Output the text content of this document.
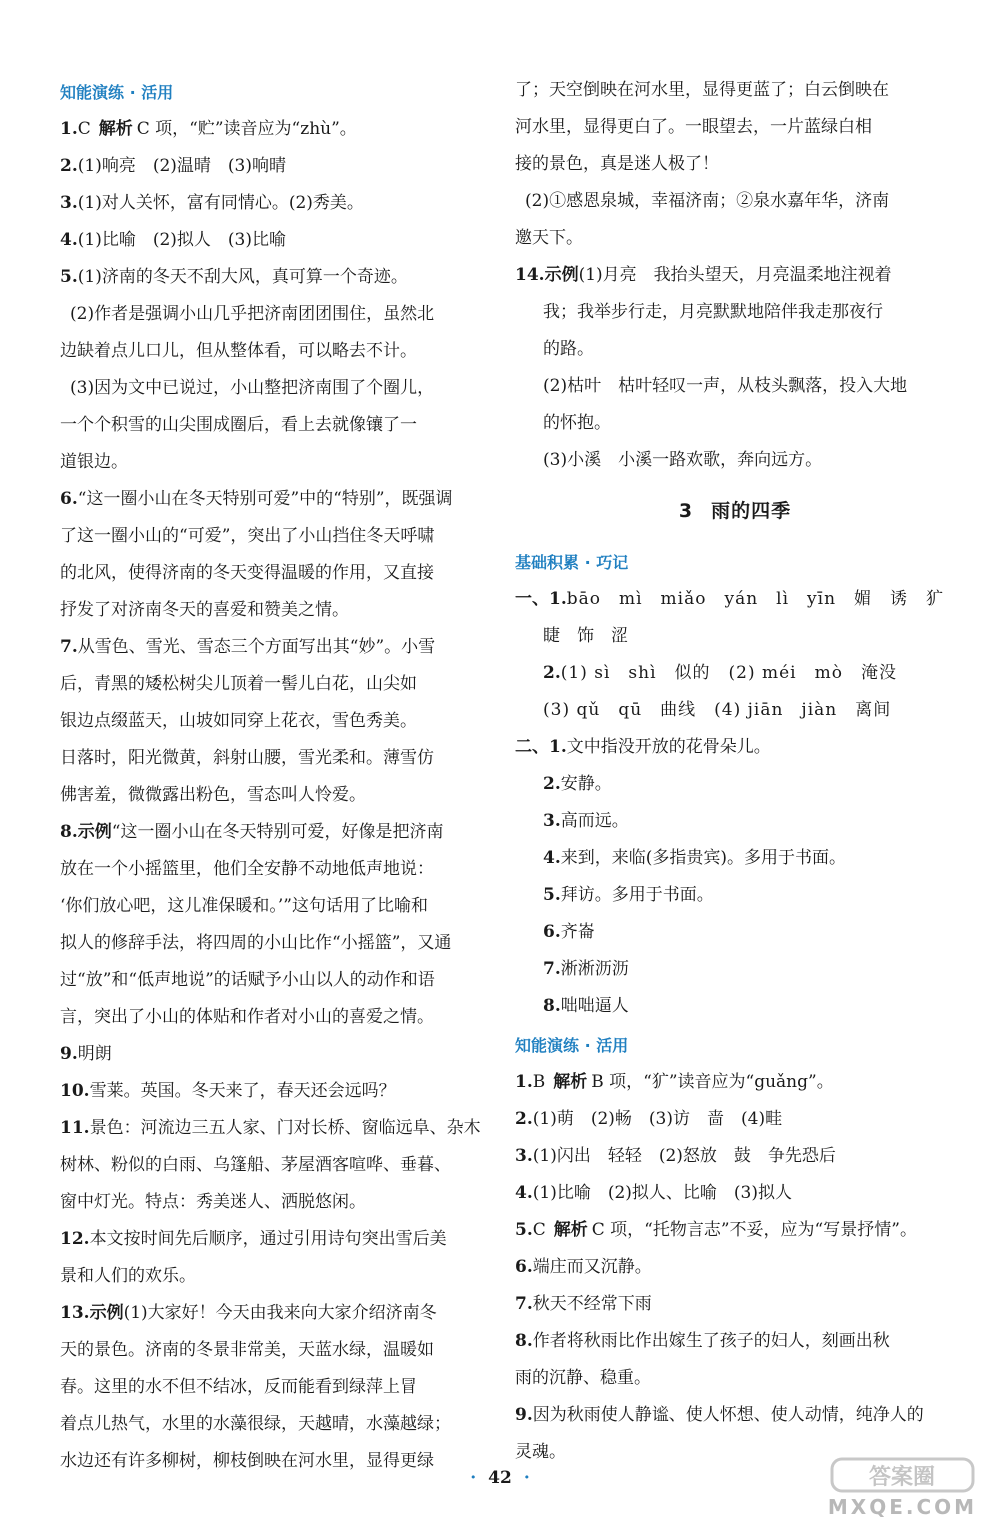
知能演练 · 活用

1.C 解析 C 项，“贮”读音应为“zhù”。

2.(1)响亮　(2)温晴　(3)响晴

3.(1)对人关怀，富有同情心。(2)秀美。

4.(1)比喻　(2)拟人　(3)比喻

5.(1)济南的冬天不刮大风，真可算一个奇迹。

(2)作者是强调小山几乎把济南团团围住，虽然北

边缺着点儿口儿，但从整体看，可以略去不计。

(3)因为文中已说过，小山整把济南围了个圈儿，

一个个积雪的山尖围成圈后，看上去就像镶了一

道银边。

6.“这一圈小山在冬天特别可爱”中的“特别”，既强调

了这一圈小山的“可爱”，突出了小山挡住冬天呼啸

的北风，使得济南的冬天变得温暖的作用，又直接

抒发了对济南冬天的喜爱和赞美之情。

7.从雪色、雪光、雪态三个方面写出其“妙”。小雪

后，青黑的矮松树尖儿顶着一髻儿白花，山尖如

银边点缀蓝天，山坡如同穿上花衣，雪色秀美。

日落时，阳光微黄，斜射山腰，雪光柔和。薄雪仿

佛害羞，微微露出粉色，雪态叫人怜爱。

8.示例“这一圈小山在冬天特别可爱，好像是把济南

放在一个小摇篮里，他们全安静不动地低声地说：

‘你们放心吧，这儿准保暖和。’”这句话用了比喻和

拟人的修辞手法，将四周的小山比作“小摇篮”，又通

过“放”和“低声地说”的话赋予小山以人的动作和语

言，突出了小山的体贴和作者对小山的喜爱之情。

9.明朗

10.雪莱。英国。冬天来了，春天还会远吗？

11.景色：河流边三五人家、门对长桥、窗临远阜、杂木

树林、粉似的白雨、乌篷船、茅屋酒客喧哗、垂暮、

窗中灯光。特点：秀美迷人、洒脱悠闲。

12.本文按时间先后顺序，通过引用诗句突出雪后美

景和人们的欢乐。

13.示例(1)大家好！今天由我来向大家介绍济南冬

天的景色。济南的冬景非常美，天蓝水绿，温暖如

春。这里的水不但不结冰，反而能看到绿萍上冒

着点儿热气，水里的水藻很绿，天越晴，水藻越绿；

水边还有许多柳树，柳枝倒映在河水里，显得更绿

了；天空倒映在河水里，显得更蓝了；白云倒映在

河水里，显得更白了。一眼望去，一片蓝绿白相

接的景色，真是迷人极了！

(2)①感恩泉城，幸福济南；②泉水嘉年华，济南

邀天下。

14.示例(1)月亮　我抬头望天，月亮温柔地注视着

我；我举步行走，月亮默默地陪伴我走那夜行

的路。

(2)枯叶　枯叶轻叹一声，从枝头飘落，投入大地

的怀抱。

(3)小溪　小溪一路欢歌，奔向远方。

3 雨的四季

基础积累 · 巧记

一、1.bāo　mì　miǎo　yán　lì　yīn　媚　诱　犷

睫　饰　涩

2.(1) sì　shì　似的　(2) méi　mò　淹没

(3) qǔ　qū　曲线　(4) jiān　jiàn　离间

二、1.文中指没开放的花骨朵儿。

2.安静。

3.高而远。

4.来到，来临(多指贵宾)。多用于书面。

5.拜访。多用于书面。

6.齐崙

7.淅淅沥沥

8.咄咄逼人

知能演练 · 活用

1.B 解析 B 项，“犷”读音应为“guǎng”。

2.(1)萌　(2)畅　(3)访　啬　(4)畦

3.(1)闪出　轻轻　(2)怒放　鼓　争先恐后

4.(1)比喻　(2)拟人、比喻　(3)拟人

5.C 解析 C 项，“托物言志”不妥，应为“写景抒情”。

6.端庄而又沉静。

7.秋天不经常下雨

8.作者将秋雨比作出嫁生了孩子的妇人，刻画出秋

雨的沉静、稳重。

9.因为秋雨使人静谧、使人怀想、使人动情，纯净人的

灵魂。

· 42 ·	答案圈
MXQE.COM
